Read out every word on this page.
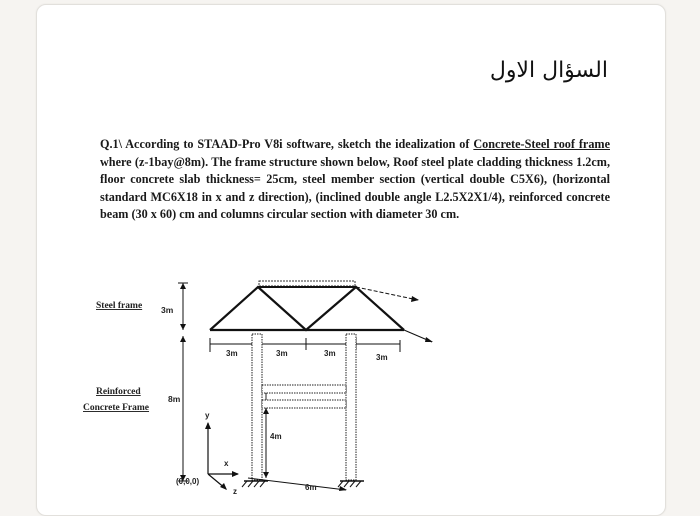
السؤال الاول
Q.1\ According to STAAD-Pro V8i software, sketch the idealization of Concrete-Steel roof frame where (z-1bay@8m). The frame structure shown below, Roof steel plate cladding thickness 1.2cm, floor concrete slab thickness= 25cm, steel member section (vertical double C5X6), (horizontal standard MC6X18 in x and z direction), (inclined double angle L2.5X2X1/4), reinforced concrete beam (30 x 60) cm and columns circular section with diameter 30 cm.
Steel frame 3m
Reinforced
Concrete Frame
8m
3m	3m	3m	3m
4m
6m
y
x
z
(0,0,0)
